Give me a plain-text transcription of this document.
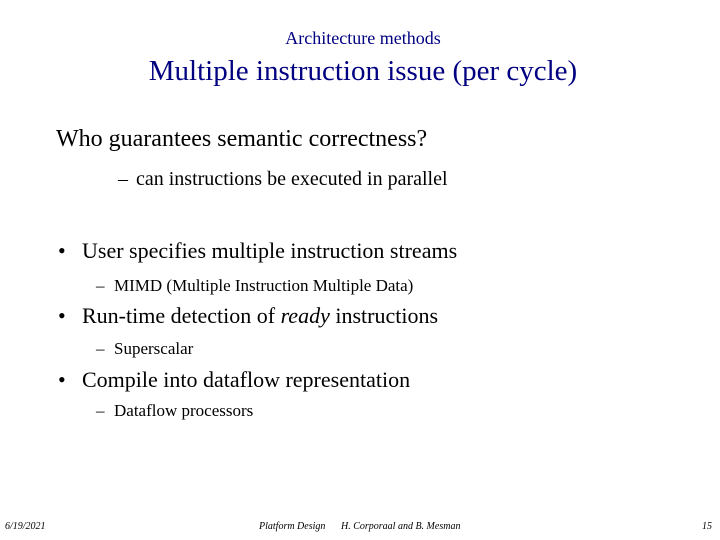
Architecture methods
Multiple instruction issue (per cycle)
Who guarantees semantic correctness?
– can instructions be executed in parallel
• User specifies multiple instruction streams
– MIMD (Multiple Instruction Multiple Data)
• Run-time detection of ready instructions
– Superscalar
• Compile into dataflow representation
– Dataflow processors
6/19/2021	Platform Design H. Corporaal and B. Mesman	15
